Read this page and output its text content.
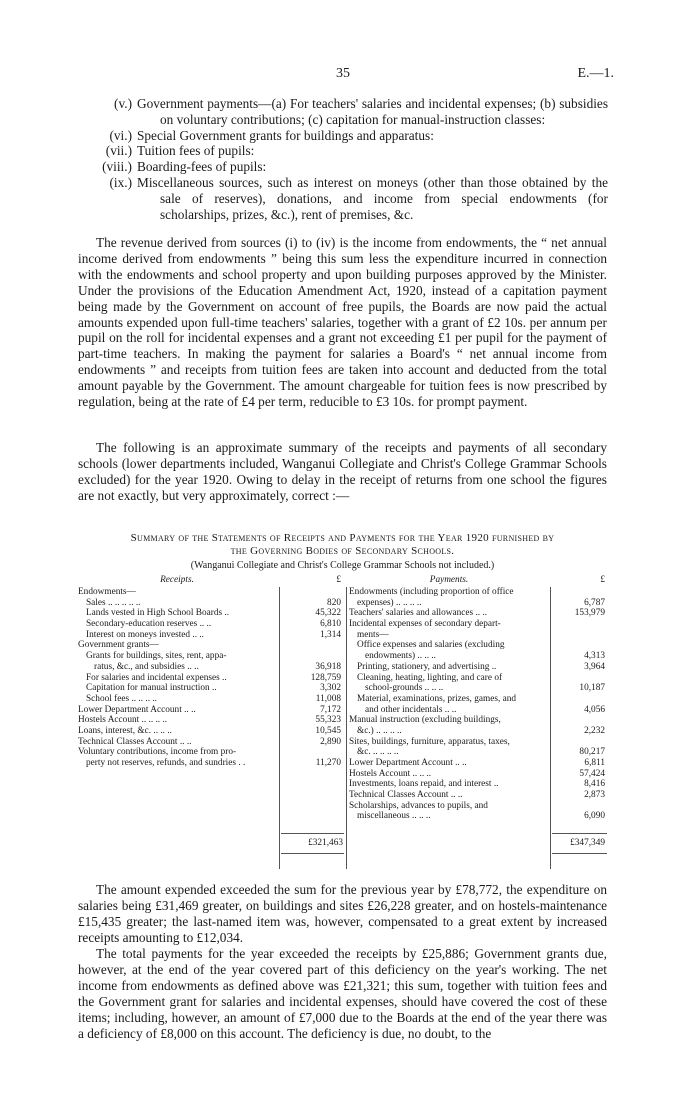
35	E.—1.
(v.) Government payments—(a) For teachers' salaries and incidental expenses; (b) subsidies on voluntary contributions; (c) capitation for manual-instruction classes:
(vi.) Special Government grants for buildings and apparatus:
(vii.) Tuition fees of pupils:
(viii.) Boarding-fees of pupils:
(ix.) Miscellaneous sources, such as interest on moneys (other than those obtained by the sale of reserves), donations, and income from special endowments (for scholarships, prizes, &c.), rent of premises, &c.
The revenue derived from sources (i) to (iv) is the income from endowments, the “ net annual income derived from endowments ” being this sum less the expenditure incurred in connection with the endowments and school property and upon building purposes approved by the Minister. Under the provisions of the Education Amendment Act, 1920, instead of a capitation payment being made by the Government on account of free pupils, the Boards are now paid the actual amounts expended upon full-time teachers' salaries, together with a grant of £2 10s. per annum per pupil on the roll for incidental expenses and a grant not exceeding £1 per pupil for the payment of part-time teachers. In making the payment for salaries a Board's “ net annual income from endowments ” and receipts from tuition fees are taken into account and deducted from the total amount payable by the Government. The amount chargeable for tuition fees is now prescribed by regulation, being at the rate of £4 per term, reducible to £3 10s. for prompt payment.
The following is an approximate summary of the receipts and payments of all secondary schools (lower departments included, Wanganui Collegiate and Christ's College Grammar Schools excluded) for the year 1920. Owing to delay in the receipt of returns from one school the figures are not exactly, but very approximately, correct :—
Summary of the Statements of Receipts and Payments for the Year 1920 furnished by
the Governing Bodies of Secondary Schools.
(Wanganui Collegiate and Christ's College Grammar Schools not included.)
Receipts.
Endowments—
Sales .. .. .. .. ..
Lands vested in High School Boards ..
Secondary-education reserves .. ..
Interest on moneys invested .. ..
Government grants—
Grants for buildings, sites, rent, appa-
ratus, &c., and subsidies .. ..
For salaries and incidental expenses ..
Capitation for manual instruction ..
School fees .. .. .. ..
Lower Department Account .. ..
Hostels Account .. .. .. ..
Loans, interest, &c. .. .. ..
Technical Classes Account .. ..
Voluntary contributions, income from pro-
perty not reserves, refunds, and sundries . .
£
820
45,322
6,810
1,314
36,918
128,759
3,302
11,008
7,172
55,323
10,545
2,890
11,270
Payments.
Endowments (including proportion of office
expenses) .. .. .. ..
Teachers' salaries and allowances .. ..
Incidental expenses of secondary depart-
ments—
Office expenses and salaries (excluding
endowments) .. .. ..
Printing, stationery, and advertising ..
Cleaning, heating, lighting, and care of
school-grounds .. .. ..
Material, examinations, prizes, games, and
and other incidentals .. ..
Manual instruction (excluding buildings,
&c.) .. .. .. ..
Sites, buildings, furniture, apparatus, taxes,
&c. .. .. .. ..
Lower Department Account .. ..
Hostels Account .. .. ..
Investments, loans repaid, and interest ..
Technical Classes Account .. ..
Scholarships, advances to pupils, and
miscellaneous .. .. ..
£
6,787
153,979
4,313
3,964
10,187
4,056
2,232
80,217
6,811
57,424
8,416
2,873
6,090
£321,463	£347,349
The amount expended exceeded the sum for the previous year by £78,772, the expenditure on salaries being £31,469 greater, on buildings and sites £26,228 greater, and on hostels-maintenance £15,435 greater; the last-named item was, however, compensated to a great extent by increased receipts amounting to £12,034.
The total payments for the year exceeded the receipts by £25,886; Government grants due, however, at the end of the year covered part of this deficiency on the year's working. The net income from endowments as defined above was £21,321; this sum, together with tuition fees and the Government grant for salaries and incidental expenses, should have covered the cost of these items; including, however, an amount of £7,000 due to the Boards at the end of the year there was a deficiency of £8,000 on this account. The deficiency is due, no doubt, to the
